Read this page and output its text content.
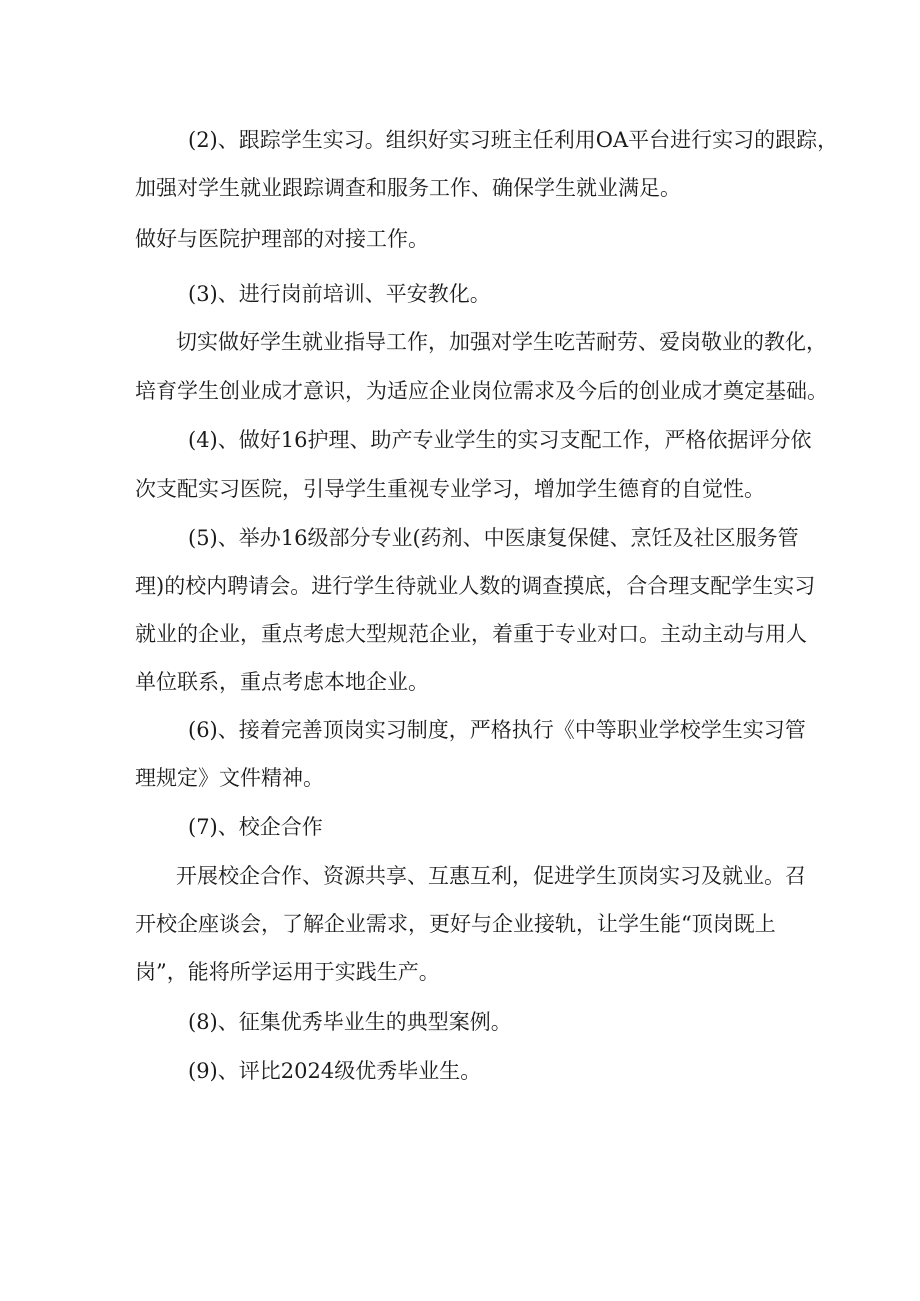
(2)、跟踪学生实习。组织好实习班主任利用OA平台进行实习的跟踪，

加强对学生就业跟踪调查和服务工作、确保学生就业满足。

做好与医院护理部的对接工作。

(3)、进行岗前培训、平安教化。

切实做好学生就业指导工作，加强对学生吃苦耐劳、爱岗敬业的教化，

培育学生创业成才意识，为适应企业岗位需求及今后的创业成才奠定基础。

(4)、做好16护理、助产专业学生的实习支配工作，严格依据评分依

次支配实习医院，引导学生重视专业学习，增加学生德育的自觉性。

(5)、举办16级部分专业(药剂、中医康复保健、烹饪及社区服务管

理)的校内聘请会。进行学生待就业人数的调查摸底，合合理支配学生实习

就业的企业，重点考虑大型规范企业，着重于专业对口。主动主动与用人

单位联系，重点考虑本地企业。

(6)、接着完善顶岗实习制度，严格执行《中等职业学校学生实习管

理规定》文件精神。

(7)、校企合作

开展校企合作、资源共享、互惠互利，促进学生顶岗实习及就业。召

开校企座谈会，了解企业需求，更好与企业接轨，让学生能“顶岗既上

岗”，能将所学运用于实践生产。

(8)、征集优秀毕业生的典型案例。

(9)、评比2024级优秀毕业生。
